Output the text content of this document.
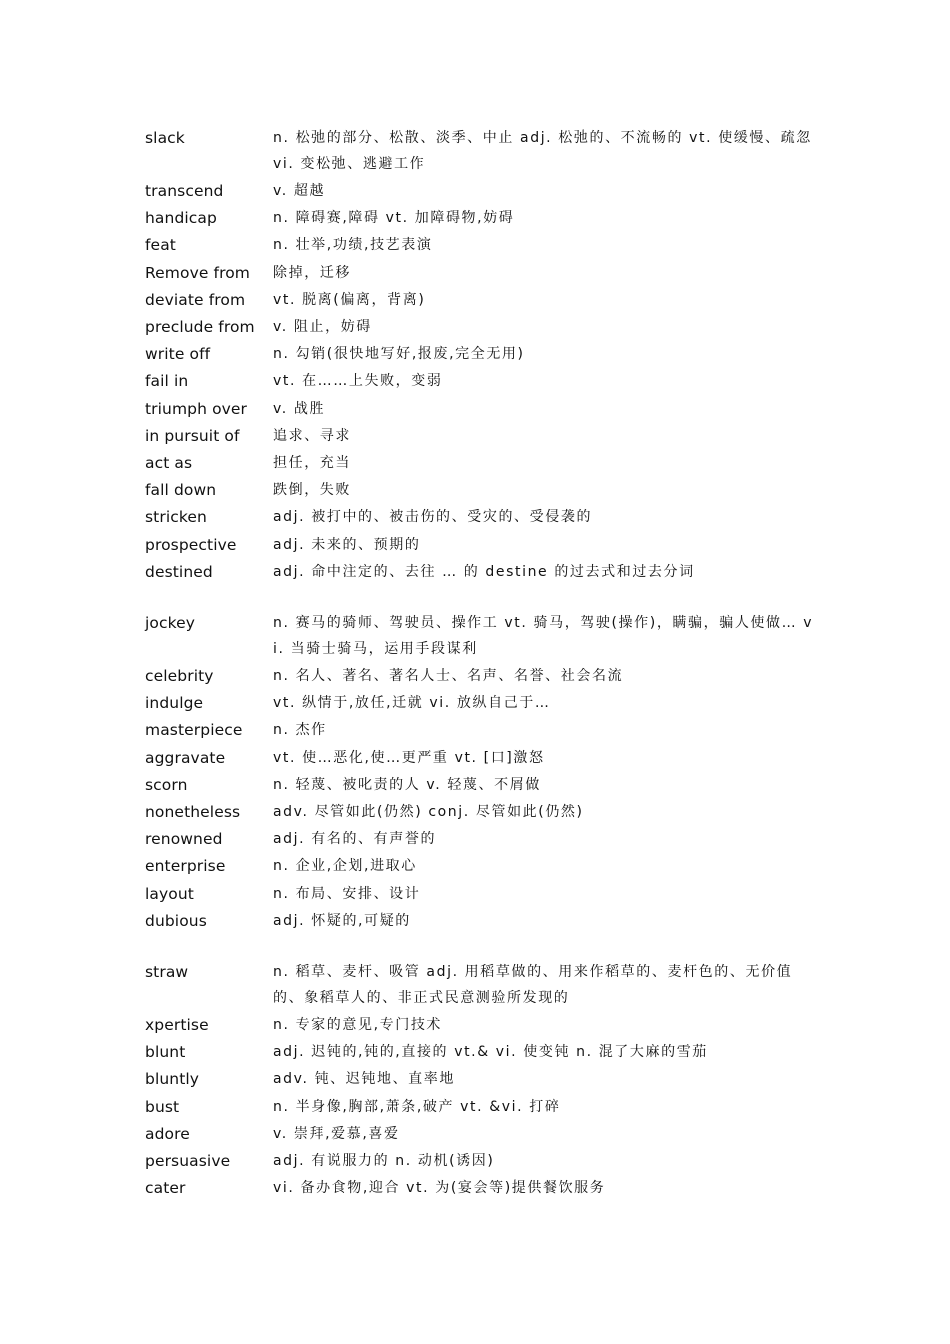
slack	n. 松弛的部分、松散、淡季、中止 adj. 松弛的、不流畅的 vt. 使缓慢、疏忽 vi. 变松弛、逃避工作
transcend	v. 超越
handicap	n. 障碍赛,障碍 vt. 加障碍物,妨碍
feat	n. 壮举,功绩,技艺表演
Remove from	除掉，迁移
deviate from	vt. 脱离(偏离，背离)
preclude from	v. 阻止，妨碍
write off	n. 勾销(很快地写好,报废,完全无用)
fail in	vt. 在……上失败，变弱
triumph over	v. 战胜
in pursuit of	追求、寻求
act as	担任，充当
fall down	跌倒，失败
stricken	adj. 被打中的、被击伤的、受灾的、受侵袭的
prospective	adj. 未来的、预期的
destined	adj. 命中注定的、去往 … 的 destine 的过去式和过去分词
jockey	n. 赛马的骑师、驾驶员、操作工 vt. 骑马，驾驶(操作)，瞒骗，骗人使做… vi. 当骑士骑马，运用手段谋利
celebrity	n. 名人、著名、著名人士、名声、名誉、社会名流
indulge	vt. 纵情于,放任,迁就 vi. 放纵自己于…
masterpiece	n. 杰作
aggravate	vt. 使…恶化,使…更严重 vt. [口]激怒
scorn	n. 轻蔑、被叱责的人 v. 轻蔑、不屑做
nonetheless	adv. 尽管如此(仍然) conj. 尽管如此(仍然)
renowned	adj. 有名的、有声誉的
enterprise	n. 企业,企划,进取心
layout	n. 布局、安排、设计
dubious	adj. 怀疑的,可疑的
straw	n. 稻草、麦杆、吸管 adj. 用稻草做的、用来作稻草的、麦杆色的、无价值的、象稻草人的、非正式民意测验所发现的
xpertise	n. 专家的意见,专门技术
blunt	adj. 迟钝的,钝的,直接的 vt.& vi. 使变钝 n. 混了大麻的雪茄
bluntly	adv. 钝、迟钝地、直率地
bust	n. 半身像,胸部,萧条,破产 vt. &vi. 打碎
adore	v. 崇拜,爱慕,喜爱
persuasive	adj. 有说服力的 n. 动机(诱因)
cater	vi. 备办食物,迎合 vt. 为(宴会等)提供餐饮服务
